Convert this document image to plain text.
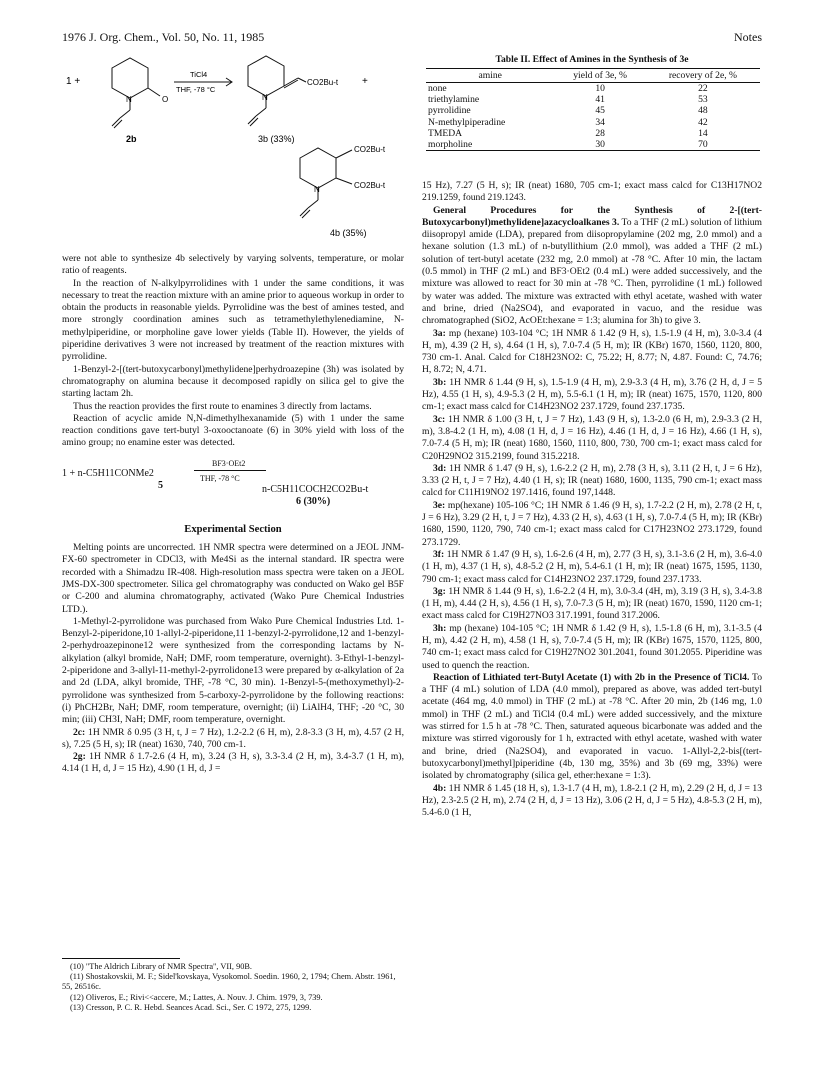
1976 J. Org. Chem., Vol. 50, No. 11, 1985	Notes
1 +
O
N
2b
TiCl4
THF, -78 °C
N
CO2Bu-t +
3b (33%)
N
CO2Bu-t
CO2Bu-t
4b (35%)

were not able to synthesize 4b selectively by varying solvents, temperature, or molar ratio of reagents.

In the reaction of N-alkylpyrrolidines with 1 under the same conditions, it was necessary to treat the reaction mixture with an amine prior to aqueous workup in order to obtain the products in reasonable yields. Pyrrolidine was the best of amines tested, and more strongly coordination amines such as tetramethylethylenediamine, N-methylpiperidine, or morpholine gave lower yields (Table II). However, the yields of piperidine derivatives 3 were not increased by treatment of the reaction mixtures with pyrrolidine.

1-Benzyl-2-[(tert-butoxycarbonyl)methylidene]perhydroazepine (3h) was isolated by chromatography on alumina because it decomposed rapidly on silica gel to give the starting lactam 2h.

Thus the reaction provides the first route to enamines 3 directly from lactams.

Reaction of acyclic amide N,N-dimethylhexanamide (5) with 1 under the same reaction conditions gave tert-butyl 3-oxooctanoate (6) in 30% yield with loss of the amino group; no enamine ester was detected.

1 + n-C5H11CONMe2
5
BF3·OEt2
THF, -78 °C
n-C5H11COCH2CO2Bu-t
6 (30%)
Experimental Section

Melting points are uncorrected. 1H NMR spectra were determined on a JEOL JNM-FX-60 spectrometer in CDCl3, with Me4Si as the internal standard. IR spectra were recorded with a Shimadzu IR-408. High-resolution mass spectra were taken on a JEOL JMS-DX-300 spectrometer. Silica gel chromatography was conducted on Wako gel B5F or C-200 and alumina chromatography, activated (Wako Pure Chemical Industries LTD.).

1-Methyl-2-pyrrolidone was purchased from Wako Pure Chemical Industries Ltd. 1-Benzyl-2-piperidone,10 1-allyl-2-piperidone,11 1-benzyl-2-pyrrolidone,12 and 1-benzyl-2-perhydroazepinone12 were synthesized from the corresponding lactams by N-alkylation (alkyl bromide, NaH; DMF, room temperature, overnight). 3-Ethyl-1-benzyl-2-piperidone and 3-allyl-11-methyl-2-pyrrolidone13 were prepared by α-alkylation of 2a and 2d (LDA, alkyl bromide, THF, -78 °C, 30 min). 1-Benzyl-5-(methoxymethyl)-2-pyrrolidone was synthesized from 5-carboxy-2-pyrrolidone by the following reactions: (i) PhCH2Br, NaH; DMF, room temperature, overnight; (ii) LiAlH4, THF; -20 °C, 30 min; (iii) CH3I, NaH; DMF, room temperature, overnight.

2c: 1H NMR δ 0.95 (3 H, t, J = 7 Hz), 1.2-2.2 (6 H, m), 2.8-3.3 (3 H, m), 4.57 (2 H, s), 7.25 (5 H, s); IR (neat) 1630, 740, 700 cm-1.

2g: 1H NMR δ 1.7-2.6 (4 H, m), 3.24 (3 H, s), 3.3-3.4 (2 H, m), 3.4-3.7 (1 H, m), 4.14 (1 H, d, J = 15 Hz), 4.90 (1 H, d, J =

Table II. Effect of Amines in the Synthesis of 3e
amine	yield of 3e, %	recovery of 2e, %
none	10	22
triethylamine	41	53
pyrrolidine	45	48
N-methylpiperadine	34	42
TMEDA	28	14
morpholine	30	70

15 Hz), 7.27 (5 H, s); IR (neat) 1680, 705 cm-1; exact mass calcd for C13H17NO2 219.1259, found 219.1243.

General Procedures for the Synthesis of 2-[(tert-Butoxycarbonyl)methylidene]azacycloalkanes 3. To a THF (2 mL) solution of lithium diisopropyl amide (LDA), prepared from diisopropylamine (202 mg, 2.0 mmol) and a hexane solution (1.3 mL) of n-butyllithium (2.0 mmol), was added a THF (2 mL) solution of tert-butyl acetate (232 mg, 2.0 mmol) at -78 °C. After 10 min, the lactam (0.5 mmol) in THF (2 mL) and BF3·OEt2 (0.4 mL) were added successively, and the mixture was allowed to react for 30 min at -78 °C. Then, pyrrolidine (1 mL) followed by water was added. The mixture was extracted with ethyl acetate, washed with water and brine, dried (Na2SO4), and evaporated in vacuo, and the residue was chromatographed (SiO2, AcOEt:hexane = 1:3; alumina for 3h) to give 3.

3a: mp (hexane) 103-104 °C; 1H NMR δ 1.42 (9 H, s), 1.5-1.9 (4 H, m), 3.0-3.4 (4 H, m), 4.39 (2 H, s), 4.64 (1 H, s), 7.0-7.4 (5 H, m); IR (KBr) 1670, 1560, 1120, 800, 730 cm-1. Anal. Calcd for C18H23NO2: C, 75.22; H, 8.77; N, 4.87. Found: C, 74.76; H, 8.72; N, 4.71.

3b: 1H NMR δ 1.44 (9 H, s), 1.5-1.9 (4 H, m), 2.9-3.3 (4 H, m), 3.76 (2 H, d, J = 5 Hz), 4.55 (1 H, s), 4.9-5.3 (2 H, m), 5.5-6.1 (1 H, m); IR (neat) 1675, 1570, 1120, 800 cm-1; exact mass calcd for C14H23NO2 237.1729, found 237.1735.

3c: 1H NMR δ 1.00 (3 H, t, J = 7 Hz), 1.43 (9 H, s), 1.3-2.0 (6 H, m), 2.9-3.3 (2 H, m), 3.8-4.2 (1 H, m), 4.08 (1 H, d, J = 16 Hz), 4.46 (1 H, d, J = 16 Hz), 4.66 (1 H, s), 7.0-7.4 (5 H, m); IR (neat) 1680, 1560, 1110, 800, 730, 700 cm-1; exact mass calcd for C20H29NO2 315.2199, found 315.2218.

3d: 1H NMR δ 1.47 (9 H, s), 1.6-2.2 (2 H, m), 2.78 (3 H, s), 3.11 (2 H, t, J = 6 Hz), 3.33 (2 H, t, J = 7 Hz), 4.40 (1 H, s); IR (neat) 1680, 1600, 1135, 790 cm-1; exact mass calcd for C11H19NO2 197.1416, found 197,1448.

3e: mp(hexane) 105-106 °C; 1H NMR δ 1.46 (9 H, s), 1.7-2.2 (2 H, m), 2.78 (2 H, t, J = 6 Hz), 3.29 (2 H, t, J = 7 Hz), 4.33 (2 H, s), 4.63 (1 H, s), 7.0-7.4 (5 H, m); IR (KBr) 1680, 1590, 1120, 790, 740 cm-1; exact mass calcd for C17H23NO2 273.1729, found 273.1729.

3f: 1H NMR δ 1.47 (9 H, s), 1.6-2.6 (4 H, m), 2.77 (3 H, s), 3.1-3.6 (2 H, m), 3.6-4.0 (1 H, m), 4.37 (1 H, s), 4.8-5.2 (2 H, m), 5.4-6.1 (1 H, m); IR (neat) 1675, 1595, 1130, 790 cm-1; exact mass calcd for C14H23NO2 237.1729, found 237.1733.

3g: 1H NMR δ 1.44 (9 H, s), 1.6-2.2 (4 H, m), 3.0-3.4 (4H, m), 3.19 (3 H, s), 3.4-3.8 (1 H, m), 4.44 (2 H, s), 4.56 (1 H, s), 7.0-7.3 (5 H, m); IR (neat) 1670, 1590, 1120 cm-1; exact mass calcd for C19H27NO3 317.1991, found 317.2006.

3h: mp (hexane) 104-105 °C; 1H NMR δ 1.42 (9 H, s), 1.5-1.8 (6 H, m), 3.1-3.5 (4 H, m), 4.42 (2 H, m), 4.58 (1 H, s), 7.0-7.4 (5 H, m); IR (KBr) 1675, 1570, 1125, 800, 740 cm-1; exact mass calcd for C19H27NO2 301.2041, found 301.2055. Piperidine was used to quench the reaction.

Reaction of Lithiated tert-Butyl Acetate (1) with 2b in the Presence of TiCl4. To a THF (4 mL) solution of LDA (4.0 mmol), prepared as above, was added tert-butyl acetate (464 mg, 4.0 mmol) in THF (2 mL) at -78 °C. After 20 min, 2b (146 mg, 1.0 mmol) in THF (2 mL) and TiCl4 (0.4 mL) were added successively, and the mixture was stirred for 1.5 h at -78 °C. Then, saturated aqueous bicarbonate was added and the mixture was stirred vigorously for 1 h, extracted with ethyl acetate, washed with water and brine, dried (Na2SO4), and evaporated in vacuo. 1-Allyl-2,2-bis[(tert-butoxycarbonyl)methyl]piperidine (4b, 130 mg, 35%) and 3b (69 mg, 33%) were isolated by chromatography (silica gel, ether:hexane = 1:3).

4b: 1H NMR δ 1.45 (18 H, s), 1.3-1.7 (4 H, m), 1.8-2.1 (2 H, m), 2.29 (2 H, d, J = 13 Hz), 2.3-2.5 (2 H, m), 2.74 (2 H, d, J = 13 Hz), 3.06 (2 H, d, J = 5 Hz), 4.8-5.3 (2 H, m), 5.4-6.0 (1 H,

(10) "The Aldrich Library of NMR Spectra", VII, 90B.
(11) Shostakovskii, M. F.; Sidel'kovskaya, Vysokomol. Soedin. 1960, 2, 1794; Chem. Abstr. 1961, 55, 26516c.
(12) Oliveros, E.; Rivi<<accere, M.; Lattes, A. Nouv. J. Chim. 1979, 3, 739.
(13) Cresson, P. C. R. Hebd. Seances Acad. Sci., Ser. C 1972, 275, 1299.
